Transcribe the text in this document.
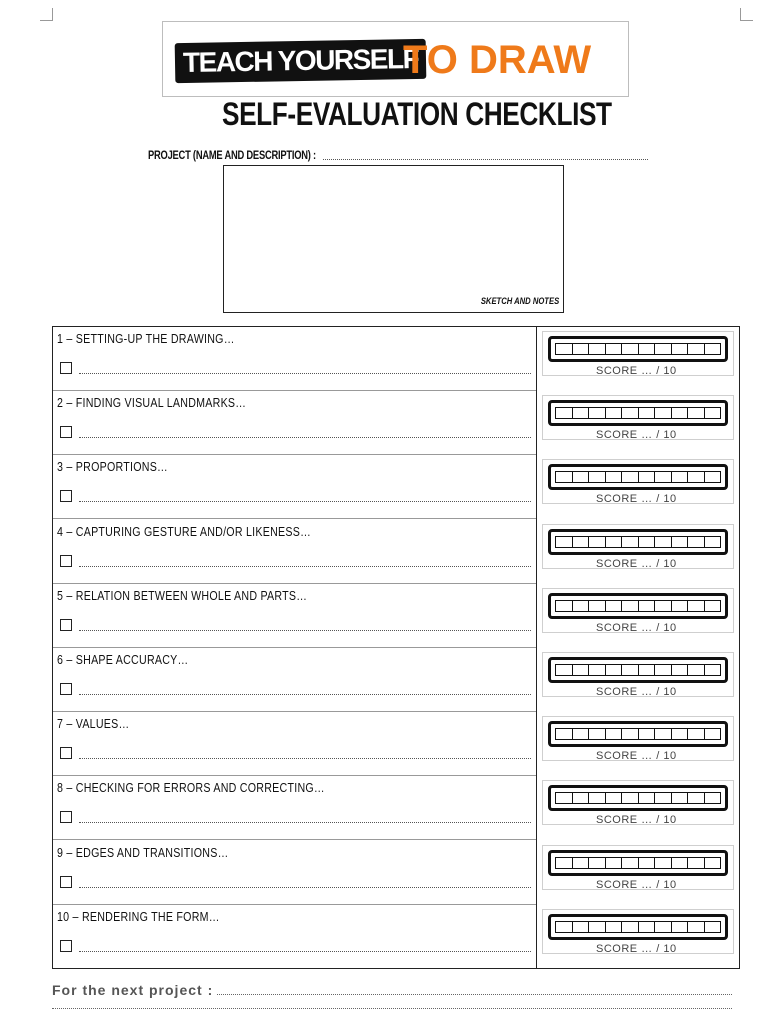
TEACH YOURSELF
TO DRAW
SELF-EVALUATION CHECKLIST
PROJECT (NAME AND DESCRIPTION) :
SKETCH AND NOTES
1 – SETTING-UP THE DRAWING…
SCORE … / 10
2 – FINDING VISUAL LANDMARKS…
SCORE … / 10
3 – PROPORTIONS…
SCORE … / 10
4 – CAPTURING GESTURE AND/OR LIKENESS…
SCORE … / 10
5 – RELATION BETWEEN WHOLE AND PARTS…
SCORE … / 10
6 – SHAPE ACCURACY…
SCORE … / 10
7 – VALUES…
SCORE … / 10
8 – CHECKING FOR ERRORS AND CORRECTING…
SCORE … / 10
9 – EDGES AND TRANSITIONS…
SCORE … / 10
10 – RENDERING THE FORM…
SCORE … / 10
For the next project :
